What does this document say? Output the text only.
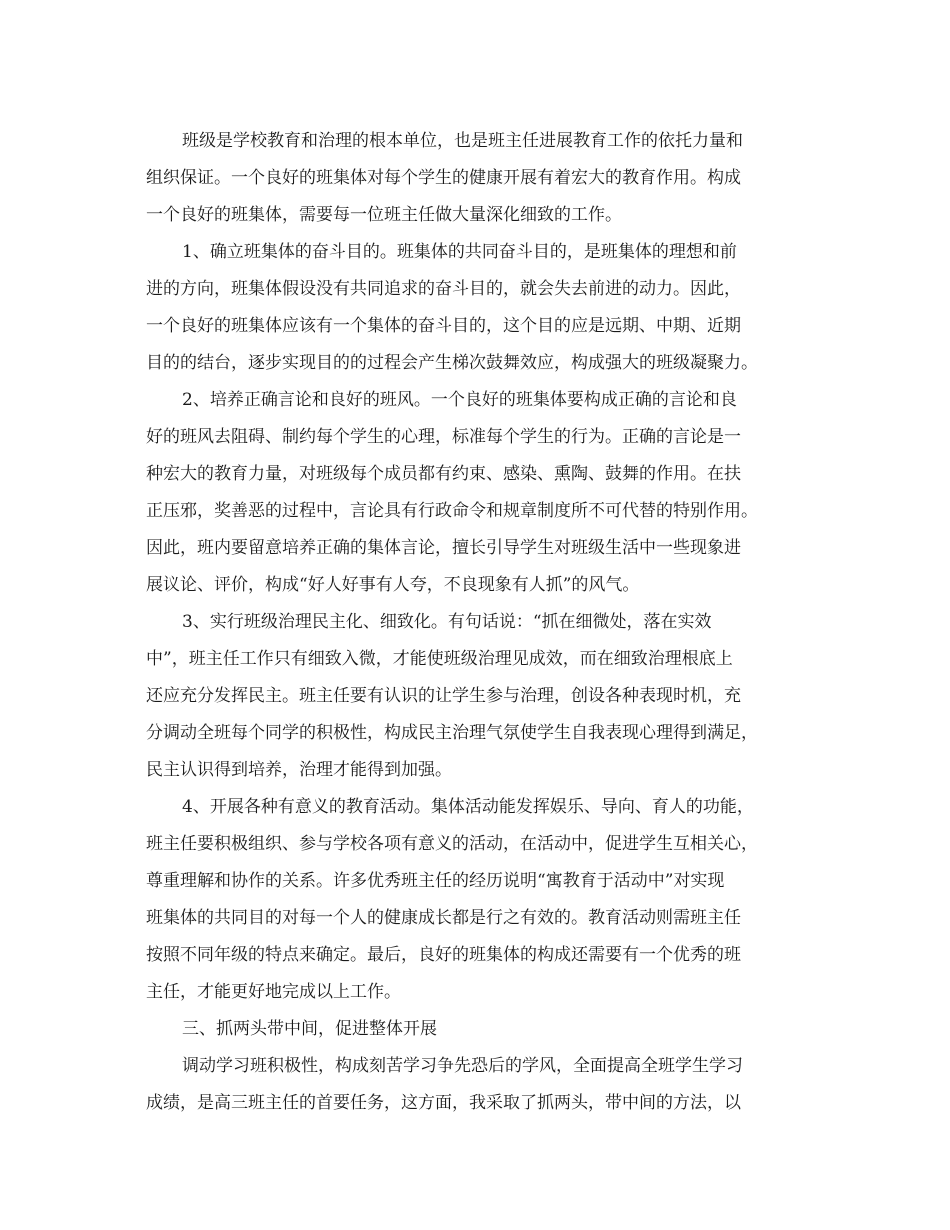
班级是学校教育和治理的根本单位，也是班主任进展教育工作的依托力量和
组织保证。一个良好的班集体对每个学生的健康开展有着宏大的教育作用。构成
一个良好的班集体，需要每一位班主任做大量深化细致的工作。
1、确立班集体的奋斗目的。班集体的共同奋斗目的，是班集体的理想和前
进的方向，班集体假设没有共同追求的奋斗目的，就会失去前进的动力。因此，
一个良好的班集体应该有一个集体的奋斗目的，这个目的应是远期、中期、近期
目的的结台，逐步实现目的的过程会产生梯次鼓舞效应，构成强大的班级凝聚力。
2、培养正确言论和良好的班风。一个良好的班集体要构成正确的言论和良
好的班风去阻碍、制约每个学生的心理，标准每个学生的行为。正确的言论是一
种宏大的教育力量，对班级每个成员都有约束、感染、熏陶、鼓舞的作用。在扶
正压邪，奖善恶的过程中，言论具有行政命令和规章制度所不可代替的特别作用。
因此，班内要留意培养正确的集体言论，擅长引导学生对班级生活中一些现象进
展议论、评价，构成“好人好事有人夸，不良现象有人抓”的风气。
3、实行班级治理民主化、细致化。有句话说：“抓在细微处，落在实效
中”，班主任工作只有细致入微，才能使班级治理见成效，而在细致治理根底上
还应充分发挥民主。班主任要有认识的让学生参与治理，创设各种表现时机，充
分调动全班每个同学的积极性，构成民主治理气氛使学生自我表现心理得到满足，
民主认识得到培养，治理才能得到加强。
4、开展各种有意义的教育活动。集体活动能发挥娱乐、导向、育人的功能，
班主任要积极组织、参与学校各项有意义的活动，在活动中，促进学生互相关心，
尊重理解和协作的关系。许多优秀班主任的经历说明“寓教育于活动中”对实现
班集体的共同目的对每一个人的健康成长都是行之有效的。教育活动则需班主任
按照不同年级的特点来确定。最后，良好的班集体的构成还需要有一个优秀的班
主任，才能更好地完成以上工作。
三、抓两头带中间，促进整体开展
调动学习班积极性，构成刻苦学习争先恐后的学风，全面提高全班学生学习
成绩，是高三班主任的首要任务，这方面，我采取了抓两头，带中间的方法，以
